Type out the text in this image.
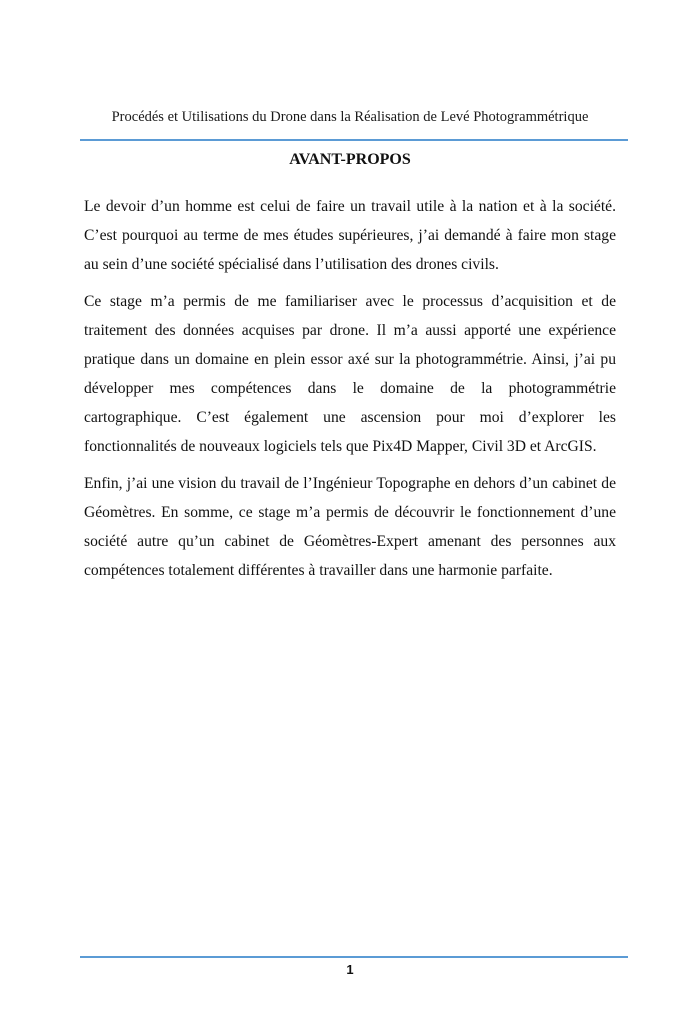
Procédés et Utilisations du Drone dans la Réalisation de Levé Photogrammétrique
AVANT-PROPOS

Le devoir d’un homme est celui de faire un travail utile à la nation et à la société. C’est pourquoi au terme de mes études supérieures, j’ai demandé à faire mon stage au sein d’une société spécialisé dans l’utilisation des drones civils.

Ce stage m’a permis de me familiariser avec le processus d’acquisition et de traitement des données acquises par drone. Il m’a aussi apporté une expérience pratique dans un domaine en plein essor axé sur la photogrammétrie. Ainsi, j’ai pu développer mes compétences dans le domaine de la photogrammétrie cartographique. C’est également une ascension pour moi d’explorer les fonctionnalités de nouveaux logiciels tels que Pix4D Mapper, Civil 3D et ArcGIS.

Enfin, j’ai une vision du travail de l’Ingénieur Topographe en dehors d’un cabinet de Géomètres. En somme, ce stage m’a permis de découvrir le fonctionnement d’une société autre qu’un cabinet de Géomètres-Expert amenant des personnes aux compétences totalement différentes à travailler dans une harmonie parfaite.

1
